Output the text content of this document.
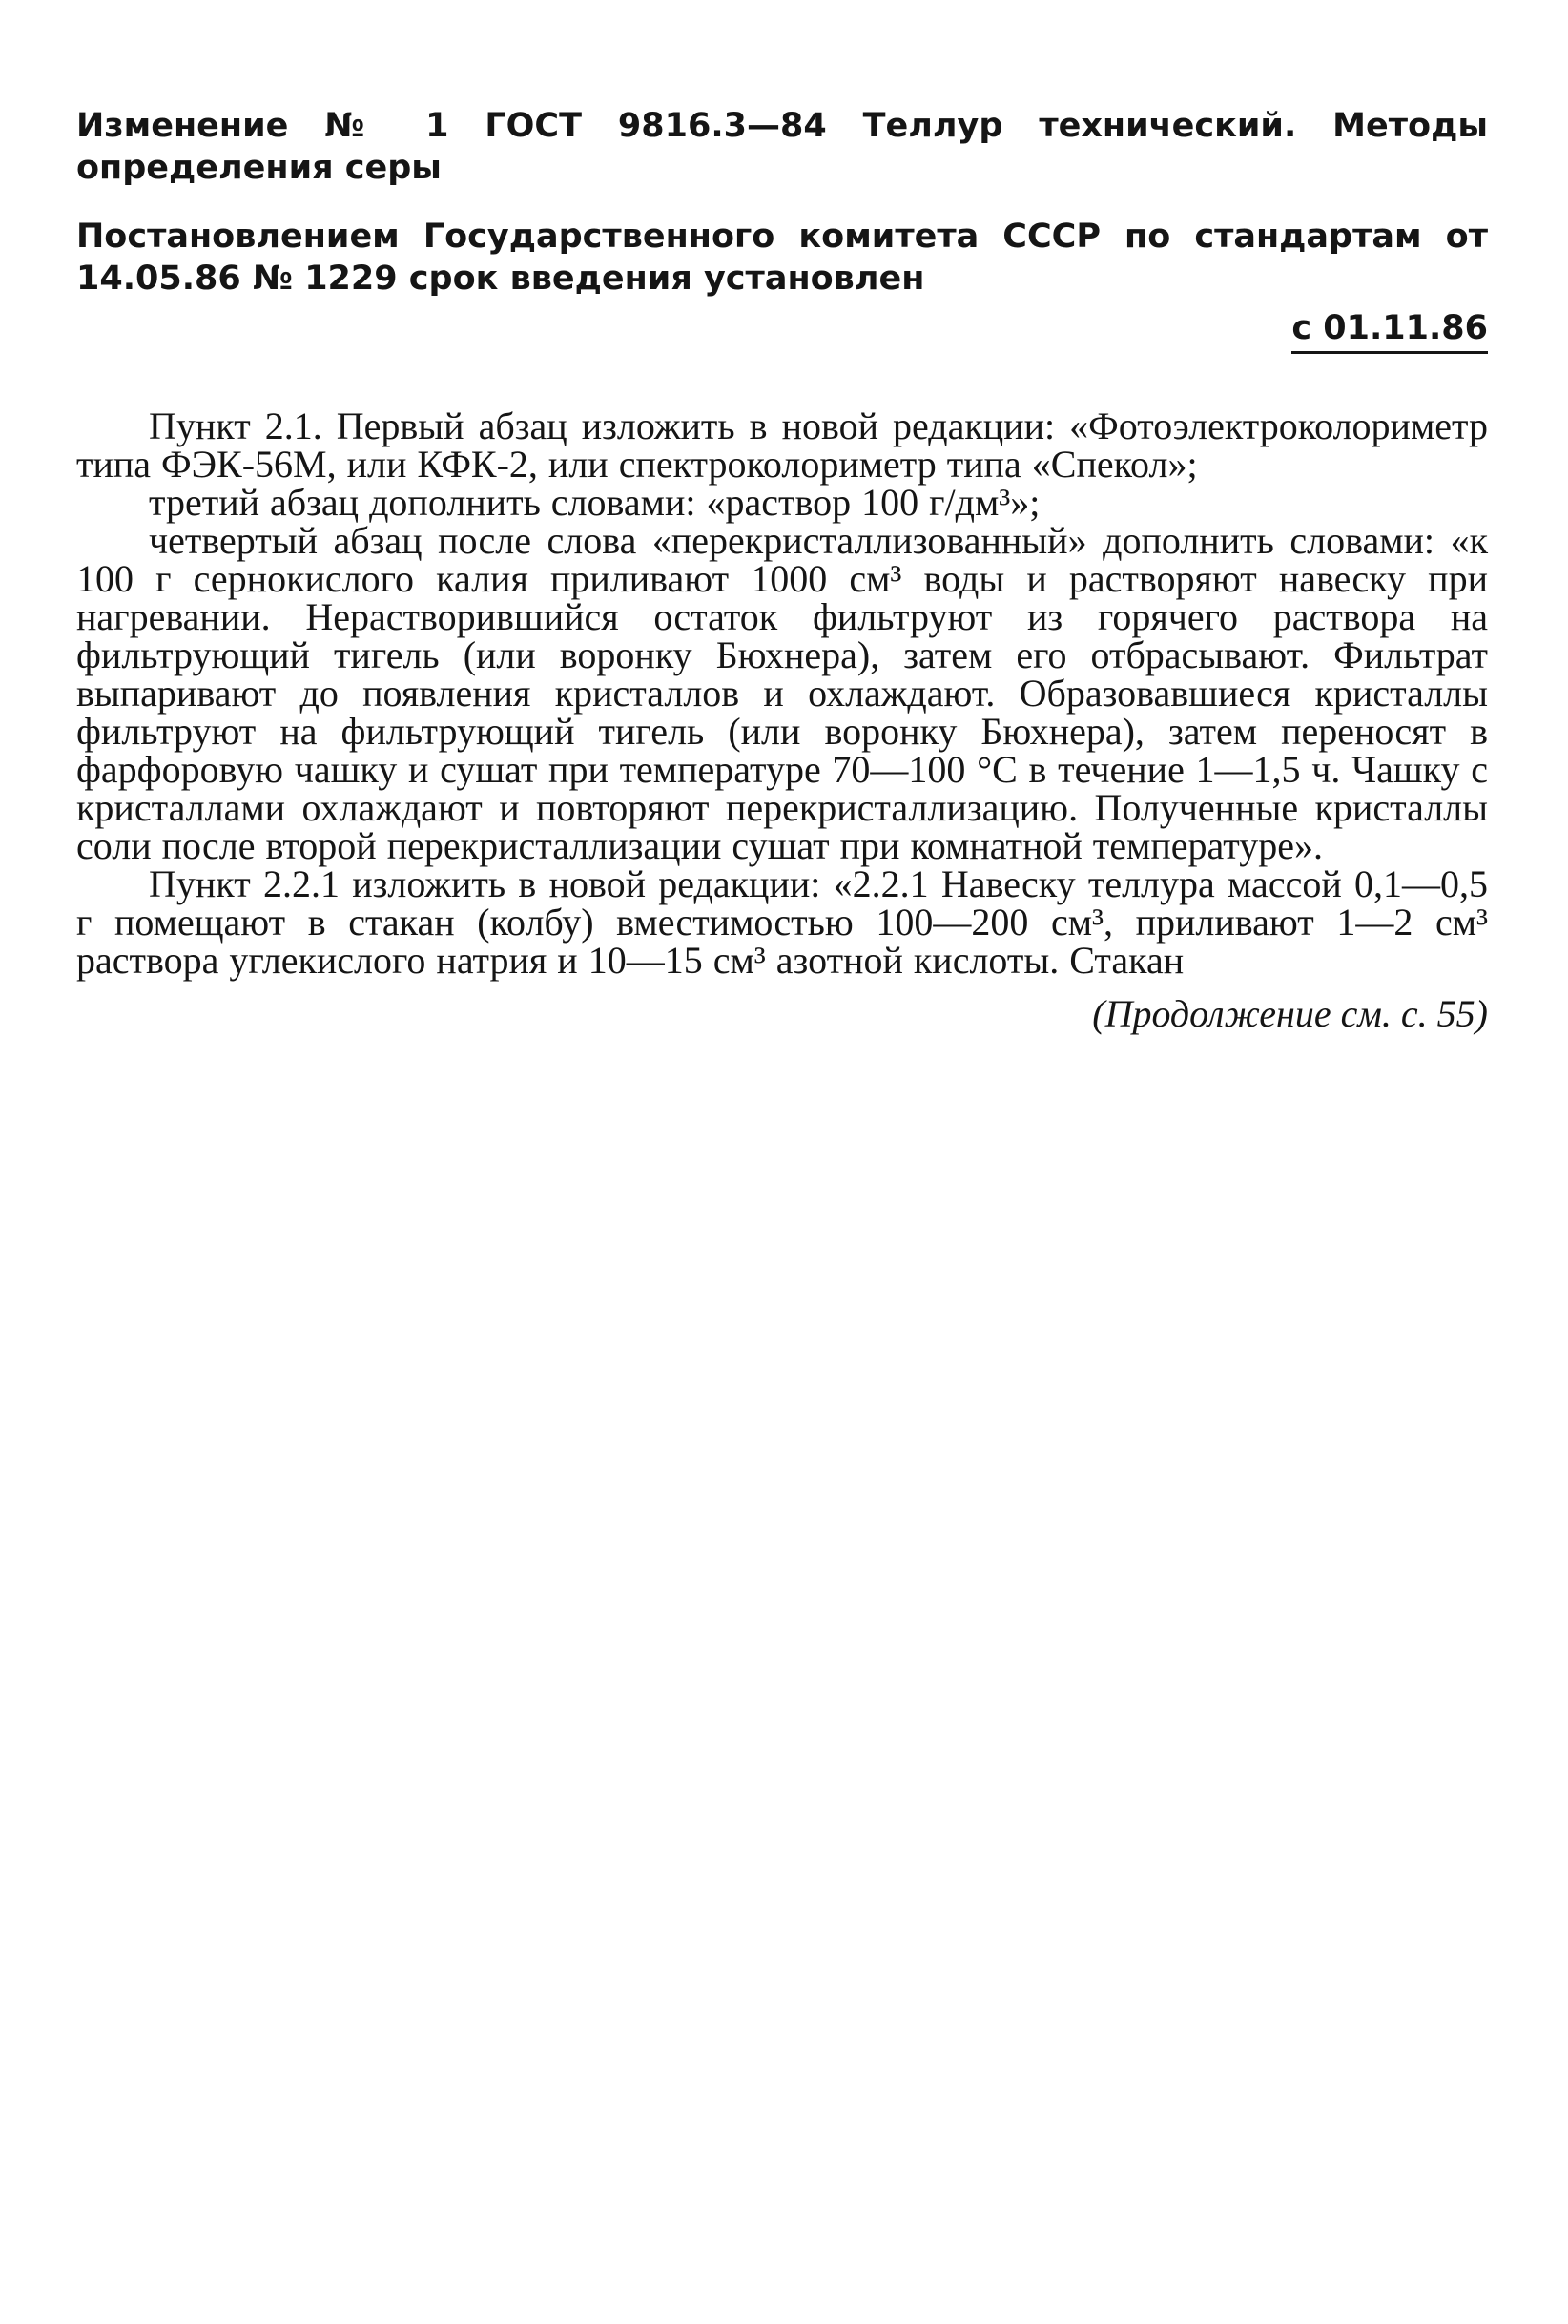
Изменение № 1 ГОСТ 9816.3—84 Теллур технический. Методы определения серы
Постановлением Государственного комитета СССР по стандартам от 14.05.86 № 1229 срок введения установлен
с 01.11.86

Пункт 2.1. Первый абзац изложить в новой редакции: «Фотоэлектроколориметр типа ФЭК-56М, или КФК-2, или спектроколориметр типа «Спекол»;

третий абзац дополнить словами: «раствор 100 г/дм³»;

четвертый абзац после слова «перекристаллизованный» дополнить словами: «к 100 г сернокислого калия приливают 1000 см³ воды и растворяют навеску при нагревании. Нерастворившийся остаток фильтруют из горячего раствора на фильтрующий тигель (или воронку Бюхнера), затем его отбрасывают. Фильтрат выпаривают до появления кристаллов и охлаждают. Образовавшиеся кристаллы фильтруют на фильтрующий тигель (или воронку Бюхнера), затем переносят в фарфоровую чашку и сушат при температуре 70—100 °С в течение 1—1,5 ч. Чашку с кристаллами охлаждают и повторяют перекристаллизацию. Полученные кристаллы соли после второй перекристаллизации сушат при комнатной температуре».

Пункт 2.2.1 изложить в новой редакции: «2.2.1 Навеску теллура массой 0,1—0,5 г помещают в стакан (колбу) вместимостью 100—200 см³, приливают 1—2 см³ раствора углекислого натрия и 10—15 см³ азотной кислоты. Стакан

(Продолжение см. с. 55)
